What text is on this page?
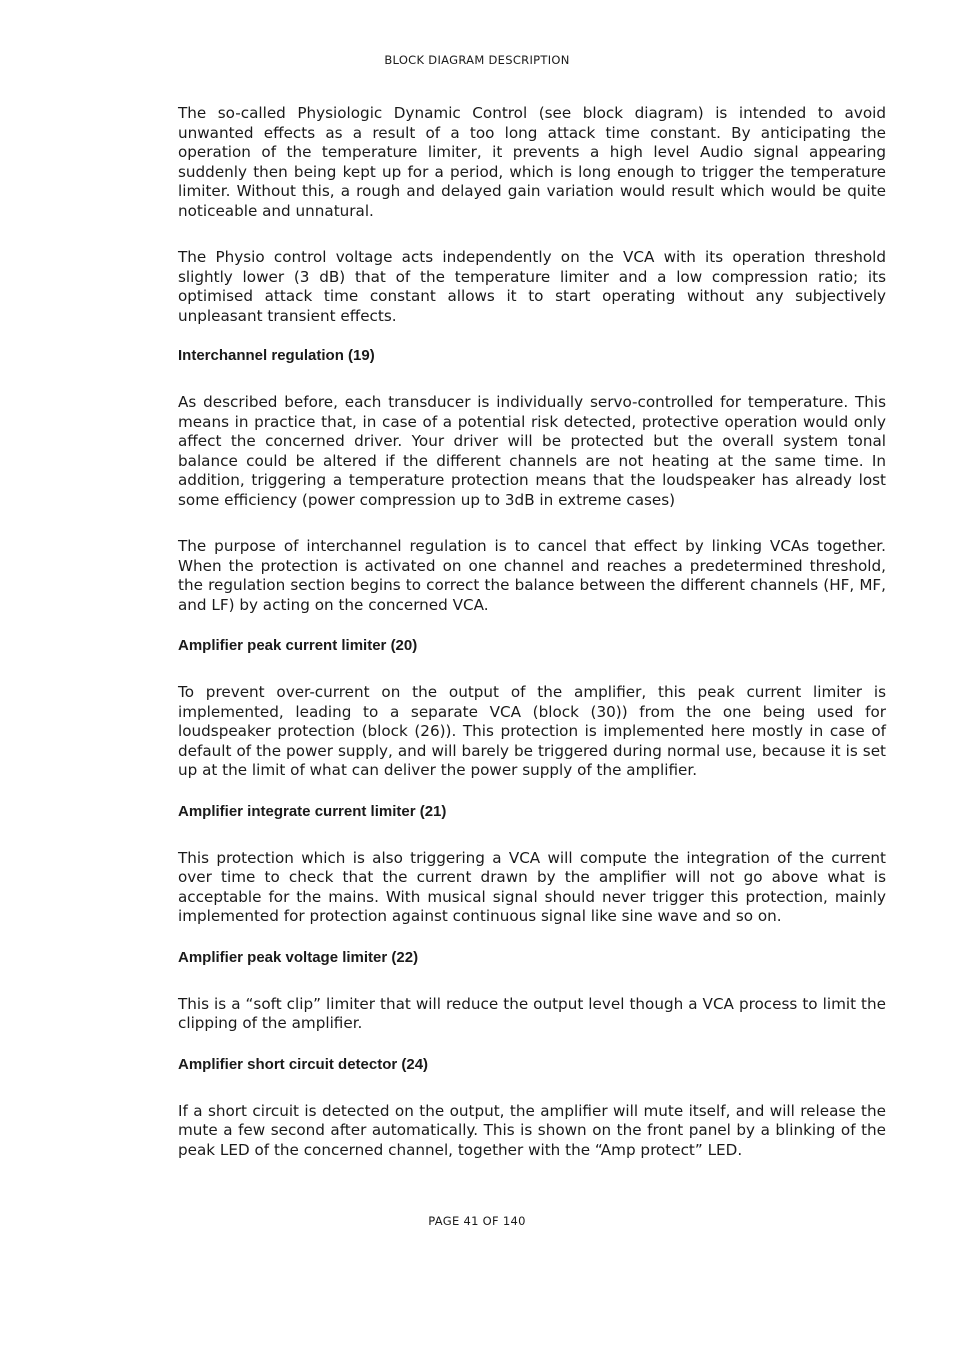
BLOCK DIAGRAM DESCRIPTION

The so-called Physiologic Dynamic Control (see block diagram) is intended to avoid unwanted effects as a result of a too long attack time constant. By anticipating the operation of the temperature limiter, it prevents a high level Audio signal appearing suddenly then being kept up for a period, which is long enough to trigger the temperature limiter. Without this, a rough and delayed gain variation would result which would be quite noticeable and unnatural.

The Physio control voltage acts independently on the VCA with its operation threshold slightly lower (3 dB) that of the temperature limiter and a low compression ratio; its optimised attack time constant allows it to start operating without any subjectively unpleasant transient effects.

Interchannel regulation (19)

As described before, each transducer is individually servo-controlled for temperature. This means in practice that, in case of a potential risk detected, protective operation would only affect the concerned driver. Your driver will be protected but the overall system tonal balance could be altered if the different channels are not heating at the same time. In addition, triggering a temperature protection means that the loudspeaker has already lost some efficiency (power compression up to 3dB in extreme cases)

The purpose of interchannel regulation is to cancel that effect by linking VCAs together. When the protection is activated on one channel and reaches a predetermined threshold, the regulation section begins to correct the balance between the different channels (HF, MF, and LF) by acting on the concerned VCA.

Amplifier peak current limiter (20)

To prevent over-current on the output of the amplifier, this peak current limiter is implemented, leading to a separate VCA (block (30)) from the one being used for loudspeaker protection (block (26)). This protection is implemented here mostly in case of default of the power supply, and will barely be triggered during normal use, because it is set up at the limit of what can deliver the power supply of the amplifier.

Amplifier integrate current limiter (21)

This protection which is also triggering a VCA will compute the integration of the current over time to check that the current drawn by the amplifier will not go above what is acceptable for the mains. With musical signal should never trigger this protection, mainly implemented for protection against continuous signal like sine wave and so on.

Amplifier peak voltage limiter (22)

This is a “soft clip” limiter that will reduce the output level though a VCA process to limit the clipping of the amplifier.

Amplifier short circuit detector (24)

If a short circuit is detected on the output, the amplifier will mute itself, and will release the mute a few second after automatically. This is shown on the front panel by a blinking of the peak LED of the concerned channel, together with the “Amp protect” LED.

PAGE 41 OF 140
